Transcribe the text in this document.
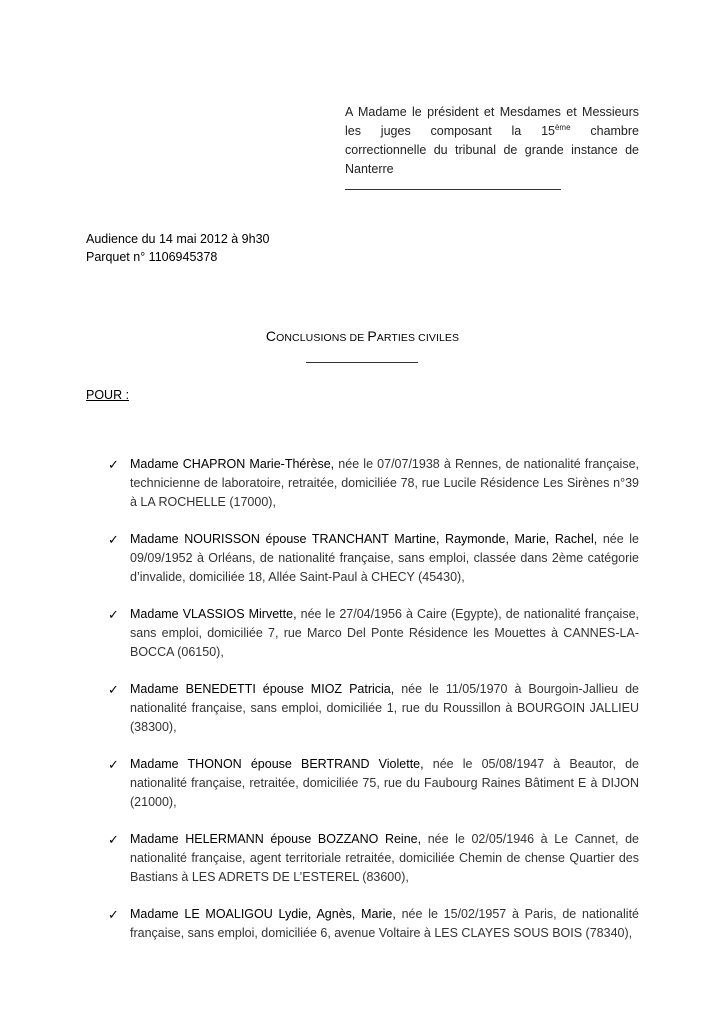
A Madame le président et Mesdames et Messieurs les juges composant la 15ème chambre correctionnelle du tribunal de grande instance de Nanterre
Audience du 14 mai 2012 à 9h30
Parquet n° 1106945378
CONCLUSIONS DE PARTIES CIVILES
POUR :
✓ Madame CHAPRON Marie-Thérèse, née le 07/07/1938 à Rennes, de nationalité française, technicienne de laboratoire, retraitée, domiciliée 78, rue Lucile Résidence Les Sirènes n°39 à LA ROCHELLE (17000),
✓ Madame NOURISSON épouse TRANCHANT Martine, Raymonde, Marie, Rachel, née le 09/09/1952 à Orléans, de nationalité française, sans emploi, classée dans 2ème catégorie d’invalide, domiciliée 18, Allée Saint-Paul à CHECY (45430),
✓ Madame VLASSIOS Mirvette, née le 27/04/1956 à Caire (Egypte), de nationalité française, sans emploi, domiciliée 7, rue Marco Del Ponte Résidence les Mouettes à CANNES-LA-BOCCA (06150),
✓ Madame BENEDETTI épouse MIOZ Patricia, née le 11/05/1970 à Bourgoin-Jallieu de nationalité française, sans emploi, domiciliée 1, rue du Roussillon à BOURGOIN JALLIEU (38300),
✓ Madame THONON épouse BERTRAND Violette, née le 05/08/1947 à Beautor, de nationalité française, retraitée, domiciliée 75, rue du Faubourg Raines Bâtiment E à DIJON (21000),
✓ Madame HELERMANN épouse BOZZANO Reine, née le 02/05/1946 à Le Cannet, de nationalité française, agent territoriale retraitée, domiciliée Chemin de chense Quartier des Bastians à LES ADRETS DE L’ESTEREL (83600),
✓ Madame LE MOALIGOU Lydie, Agnès, Marie, née le 15/02/1957 à Paris, de nationalité française, sans emploi, domiciliée 6, avenue Voltaire à LES CLAYES SOUS BOIS (78340),
